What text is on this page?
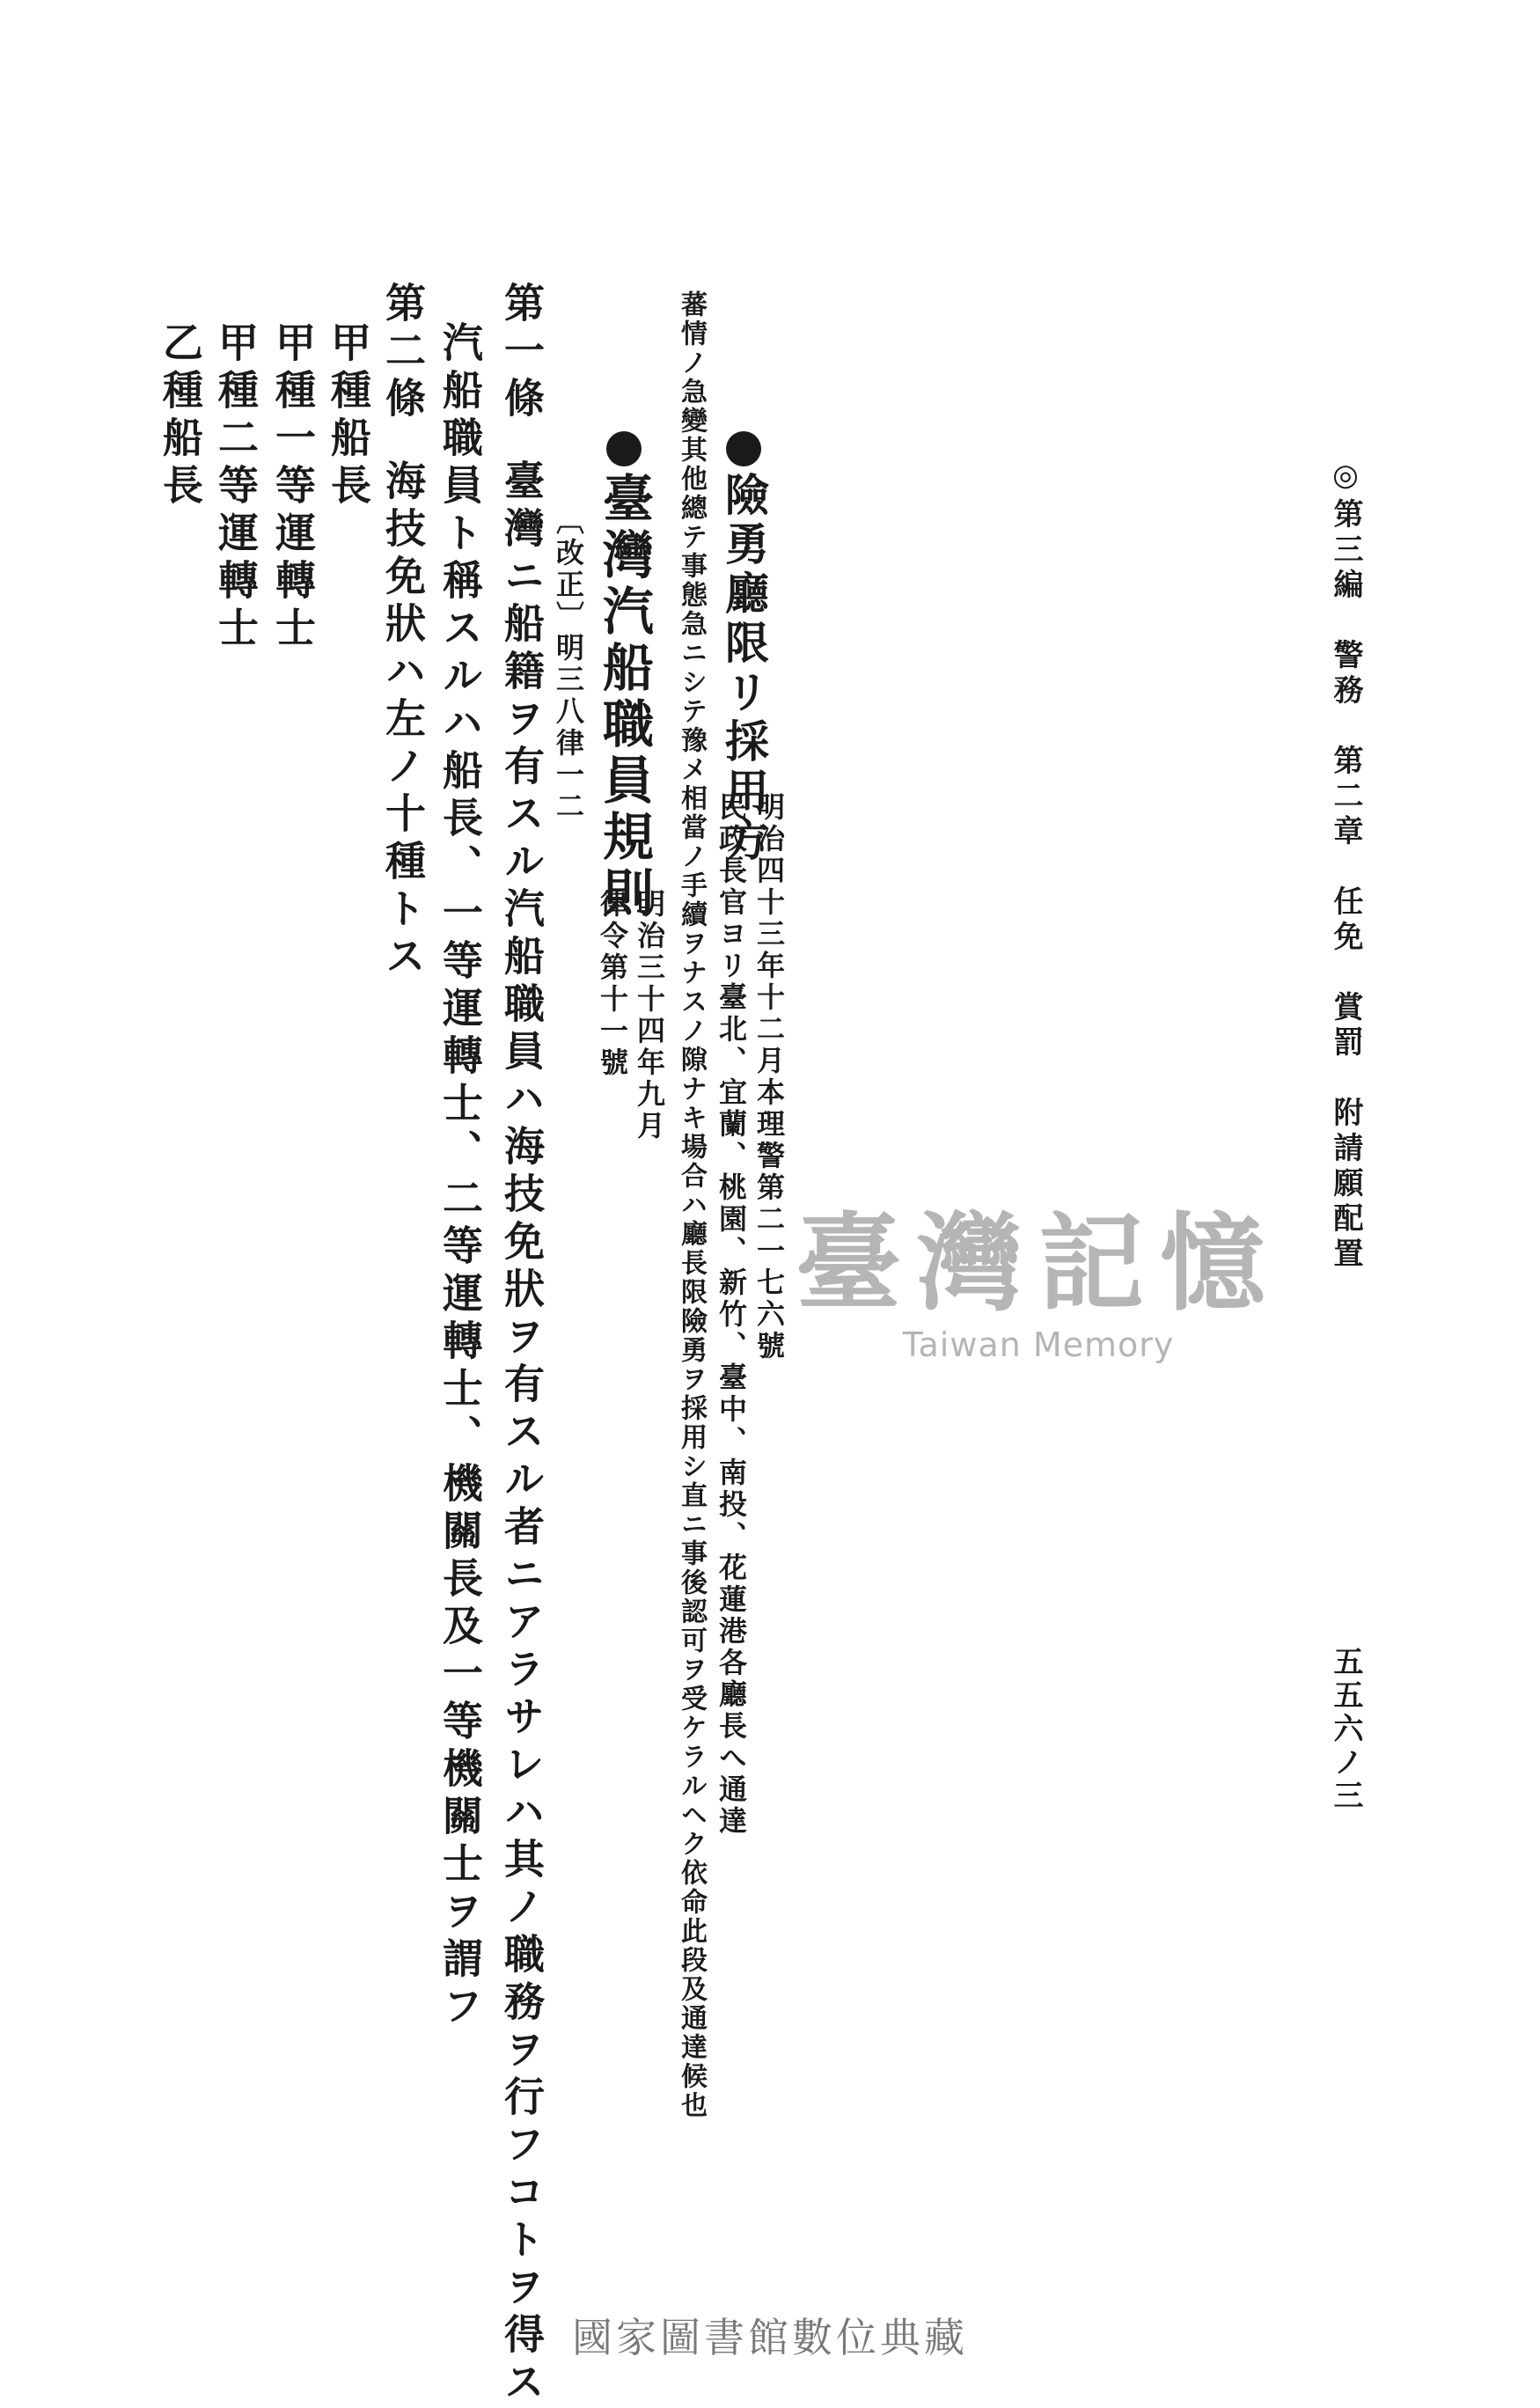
◎第三編　警務　第二章　任免　賞罰　附請願配置
五五六ノ三
險勇廳限リ採用方
明治四十三年十二月本理警第二一七六號
民政長官ヨリ臺北、宜蘭、桃園、新竹、臺中、南投、花蓮港各廳長へ通達
蕃情ノ急變其他總テ事態急ニシテ豫メ相當ノ手續ヲナスノ隙ナキ場合ハ廳長限險勇ヲ採用シ直ニ事後認可ヲ受ケラルヘク依命此段及通達候也
臺灣汽船職員規則
明治三十四年九月
律令第十一號
〔改正〕明三八律一二
第一條臺灣ニ船籍ヲ有スル汽船職員ハ海技免狀ヲ有スル者ニアラサレハ其ノ職務ヲ行フコトヲ得ス
汽船職員ト稱スルハ船長、一等運轉士、二等運轉士、機關長及一等機關士ヲ謂フ
第二條海技免狀ハ左ノ十種トス
甲種船長
甲種一等運轉士
甲種二等運轉士
乙種船長
臺灣記憶
Taiwan Memory
國家圖書館數位典藏
